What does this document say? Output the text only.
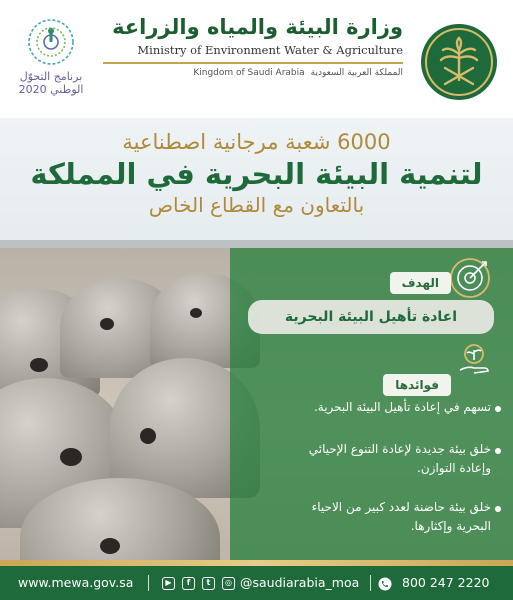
برنامج التحوّل
الوطني 2020
وزارة البيئة والمياه والزراعة
Ministry of Environment Water & Agriculture
Kingdom of Saudi Arabia المملكة العربية السعودية
6000 شعبة مرجانية اصطناعية
لتنمية البيئة البحرية في المملكة
بالتعاون مع القطاع الخاص
الهدف
اعادة تأهيل البيئة البحرية
فوائدها
تسهم في إعادة تأهيل البيئة البحرية.
خلق بيئة جديدة لإعادة التنوع الإحيائي وإعادة التوازن.
خلق بيئة حاضنة لعدد كبير من الاحياء البحرية وإكثارها.
www.mewa.gov.sa	▶ f t ◎ @saudiarabia_moa	800 247 2220
